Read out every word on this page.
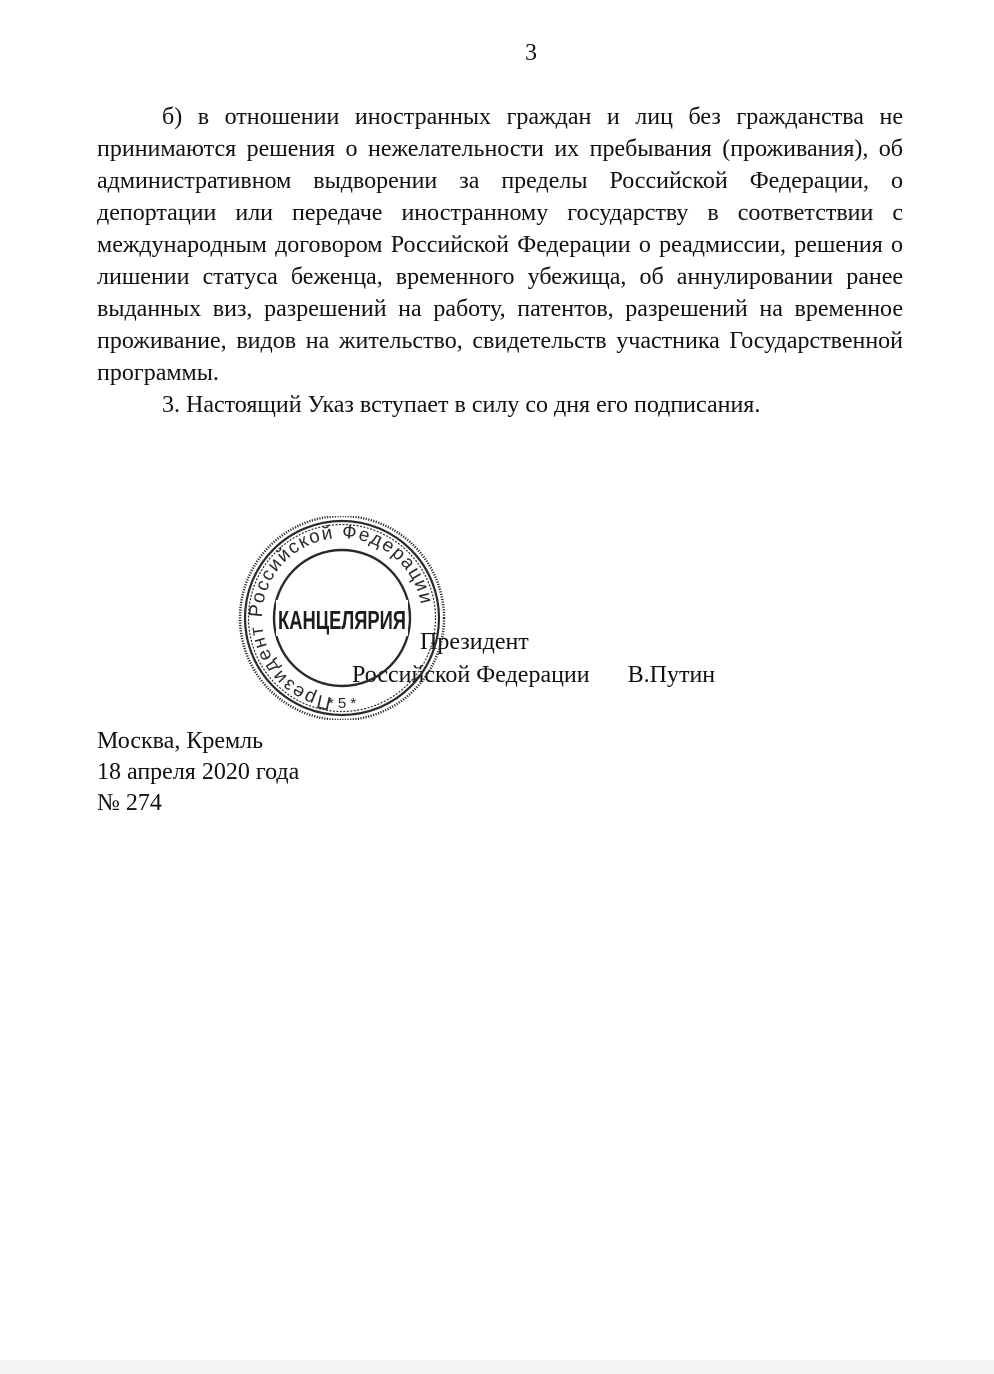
3

б) в отношении иностранных граждан и лиц без гражданства не принимаются решения о нежелательности их пребывания (проживания), об административном выдворении за пределы Российской Федерации, о депортации или передаче иностранному государству в соответствии с международным договором Российской Федерации о реадмиссии, решения о лишении статуса беженца, временного убежища, об аннулировании ранее выданных виз, разрешений на работу, патентов, разрешений на временное проживание, видов на жительство, свидетельств участника Государственной программы.

3. Настоящий Указ вступает в силу со дня его подписания.

Президент
Российской Федерации В.Путин
Президент Российской Федерации
* 5 *
КАНЦЕЛЯРИЯ
Москва, Кремль
18 апреля 2020 года
№ 274
